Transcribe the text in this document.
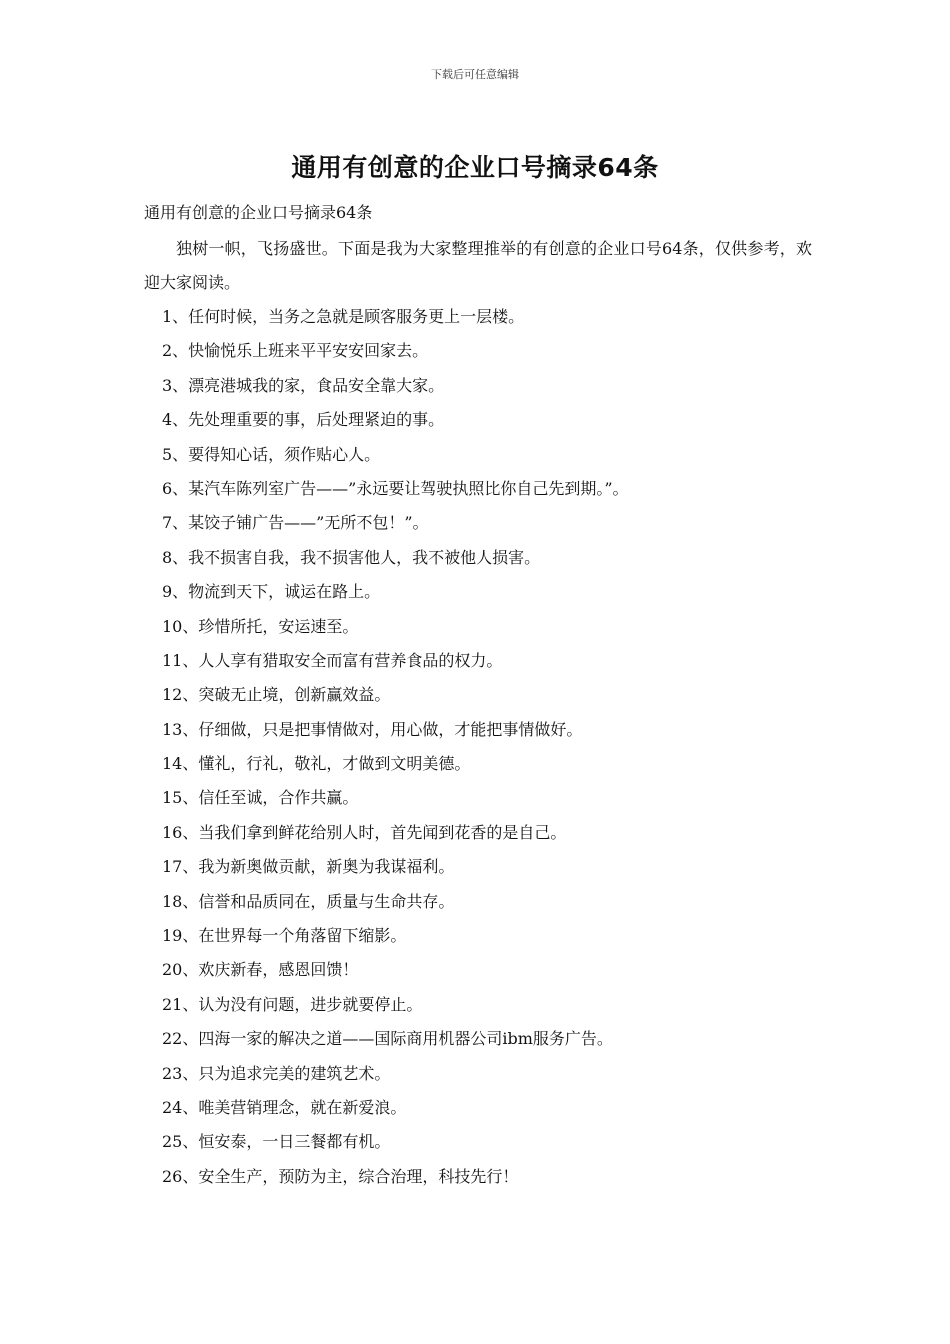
下载后可任意编辑
通用有创意的企业口号摘录64条
通用有创意的企业口号摘录64条
独树一帜，飞扬盛世。下面是我为大家整理推举的有创意的企业口号64条，仅供参考，欢迎大家阅读。
1、任何时候，当务之急就是顾客服务更上一层楼。
2、快愉悦乐上班来平平安安回家去。
3、漂亮港城我的家，食品安全靠大家。
4、先处理重要的事，后处理紧迫的事。
5、要得知心话，须作贴心人。
6、某汽车陈列室广告——”永远要让驾驶执照比你自己先到期。”。
7、某饺子铺广告——”无所不包！”。
8、我不损害自我，我不损害他人，我不被他人损害。
9、物流到天下，诚运在路上。
10、珍惜所托，安运速至。
11、人人享有猎取安全而富有营养食品的权力。
12、突破无止境，创新赢效益。
13、仔细做，只是把事情做对，用心做，才能把事情做好。
14、懂礼，行礼，敬礼，才做到文明美德。
15、信任至诚，合作共赢。
16、当我们拿到鲜花给别人时，首先闻到花香的是自己。
17、我为新奥做贡献，新奥为我谋福利。
18、信誉和品质同在，质量与生命共存。
19、在世界每一个角落留下缩影。
20、欢庆新春，感恩回馈！
21、认为没有问题，进步就要停止。
22、四海一家的解决之道——国际商用机器公司ibm服务广告。
23、只为追求完美的建筑艺术。
24、唯美营销理念，就在新爱浪。
25、恒安泰，一日三餐都有机。
26、安全生产，预防为主，综合治理，科技先行！
